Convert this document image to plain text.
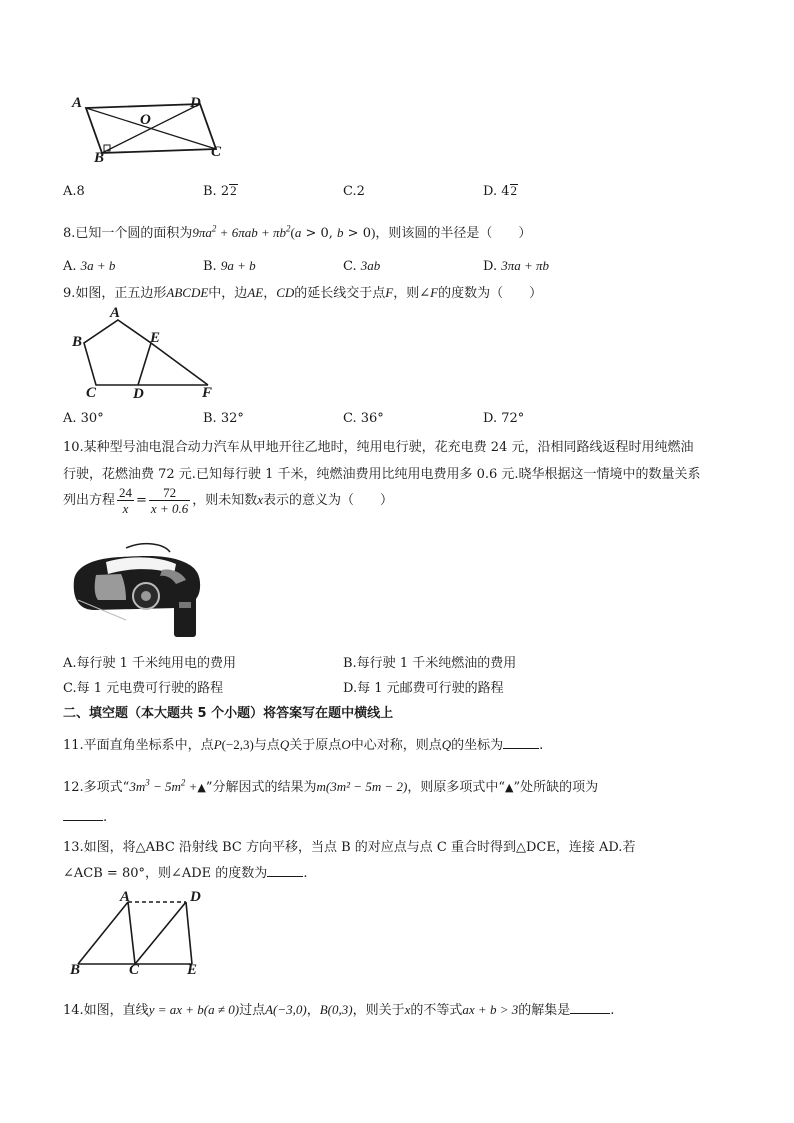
A	D
O
B	C
A.8	B. 22	C.2	D. 42
8.已知一个圆的面积为$9\pi a^2 + 6\pi ab + \pi b^2(a > 0$, b > 0)，则该圆的半径是（　　）
A. 3a + b	B. 9a + b	C. 3ab	D. 3πa + πb
9.如图，正五边形ABCDE中，边AE，CD的延长线交于点F，则∠F的度数为（　　）
A
B	E
C D	F
A. 30°	B. 32°	C. 36°	D. 72°
10.某种型号油电混合动力汽车从甲地开往乙地时，纯用电行驶，花充电费 24 元，沿相同路线返程时用纯燃油
行驶，花燃油费 72 元.已知每行驶 1 千米，纯燃油费用比纯用电费用多 0.6 元.晓华根据这一情境中的数量关系
列出方程 $\frac{24}{x} = \frac{72}{x + 0.6}$ ，则未知数x表示的意义为（　　）
A.每行驶 1 千米纯用电的费用	B.每行驶 1 千米纯燃油的费用
C.每 1 元电费可行驶的路程	D.每 1 元邮费可行驶的路程
二、填空题（本大题共 5 个小题）将答案写在题中横线上
11.平面直角坐标系中，点P(−2,3)与点Q关于原点O中心对称，则点Q的坐标为	.
12.多项式“$3m^3 - 5m^2$ +▲”分解因式的结果为m(3m² − 5m − 2)，则原多项式中“▲”处所缺的项为
.
13.如图，将△ABC 沿射线 BC 方向平移，当点 B 的对应点与点 C 重合时得到△DCE，连接 AD.若
∠ACB = 80°，则∠ADE 的度数为	.
A	D
B	C	E
14.如图，直线y = ax + b(a ≠ 0)过点A(−3,0)，B(0,3)，则关于x的不等式ax + b > 3的解集是	.
